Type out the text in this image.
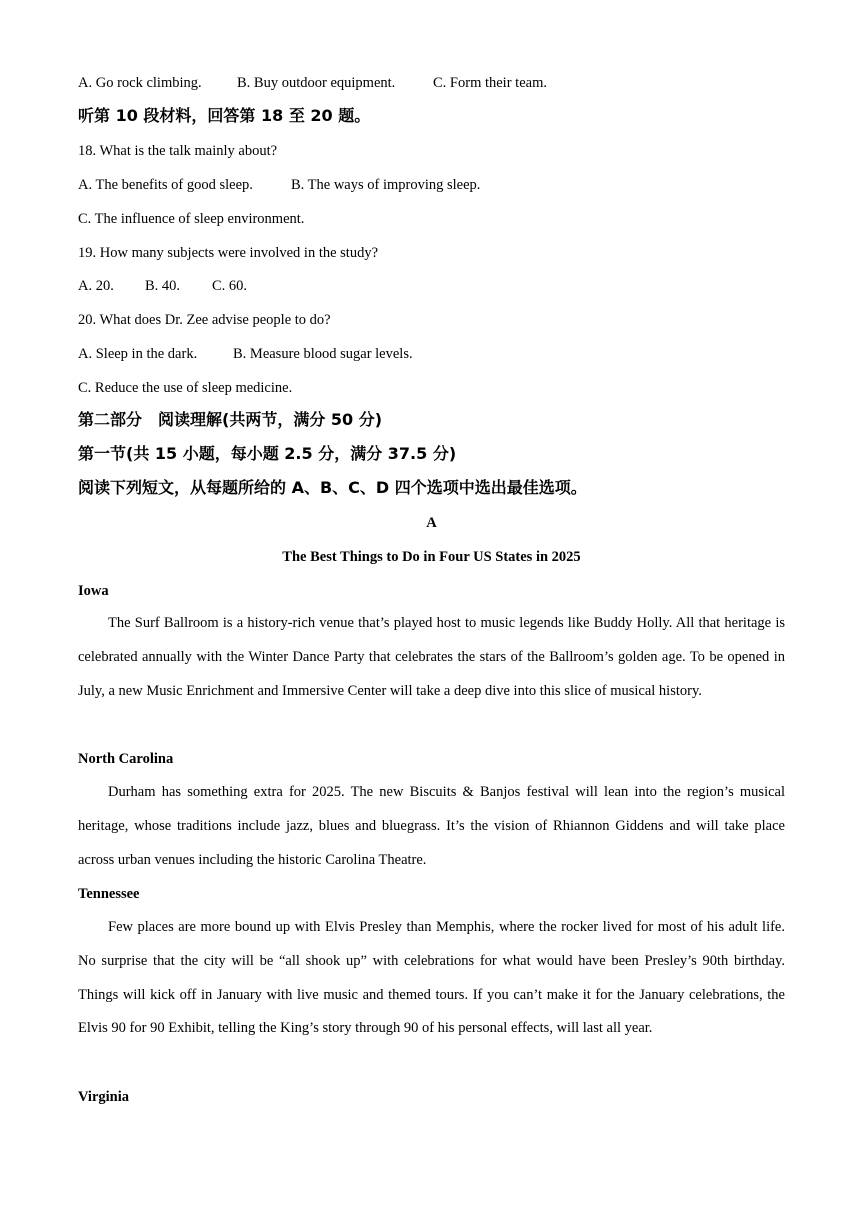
A. Go rock climbing. B. Buy outdoor equipment.	C. Form their team.
听第 10 段材料，回答第 18 至 20 题。
18. What is the talk mainly about?
A. The benefits of good sleep.	B. The ways of improving sleep.
C. The influence of sleep environment.
19. How many subjects were involved in the study?
A. 20. B. 40. C. 60.
20. What does Dr. Zee advise people to do?
A. Sleep in the dark. B. Measure blood sugar levels.
C. Reduce the use of sleep medicine.
第二部分　阅读理解(共两节，满分 50 分)
第一节(共 15 小题，每小题 2.5 分，满分 37.5 分)
阅读下列短文，从每题所给的 A、B、C、D 四个选项中选出最佳选项。
A
The Best Things to Do in Four US States in 2025
Iowa
The Surf Ballroom is a history-rich venue that’s played host to music legends like Buddy Holly. All that heritage is celebrated annually with the Winter Dance Party that celebrates the stars of the Ballroom’s golden age. To be opened in July, a new Music Enrichment and Immersive Center will take a deep dive into this slice of musical history.
North Carolina
Durham has something extra for 2025. The new Biscuits & Banjos festival will lean into the region’s musical heritage, whose traditions include jazz, blues and bluegrass. It’s the vision of Rhiannon Giddens and will take place across urban venues including the historic Carolina Theatre.
Tennessee
Few places are more bound up with Elvis Presley than Memphis, where the rocker lived for most of his adult life. No surprise that the city will be “all shook up” with celebrations for what would have been Presley’s 90th birthday. Things will kick off in January with live music and themed tours. If you can’t make it for the January celebrations, the Elvis 90 for 90 Exhibit, telling the King’s story through 90 of his personal effects, will last all year.
Virginia
